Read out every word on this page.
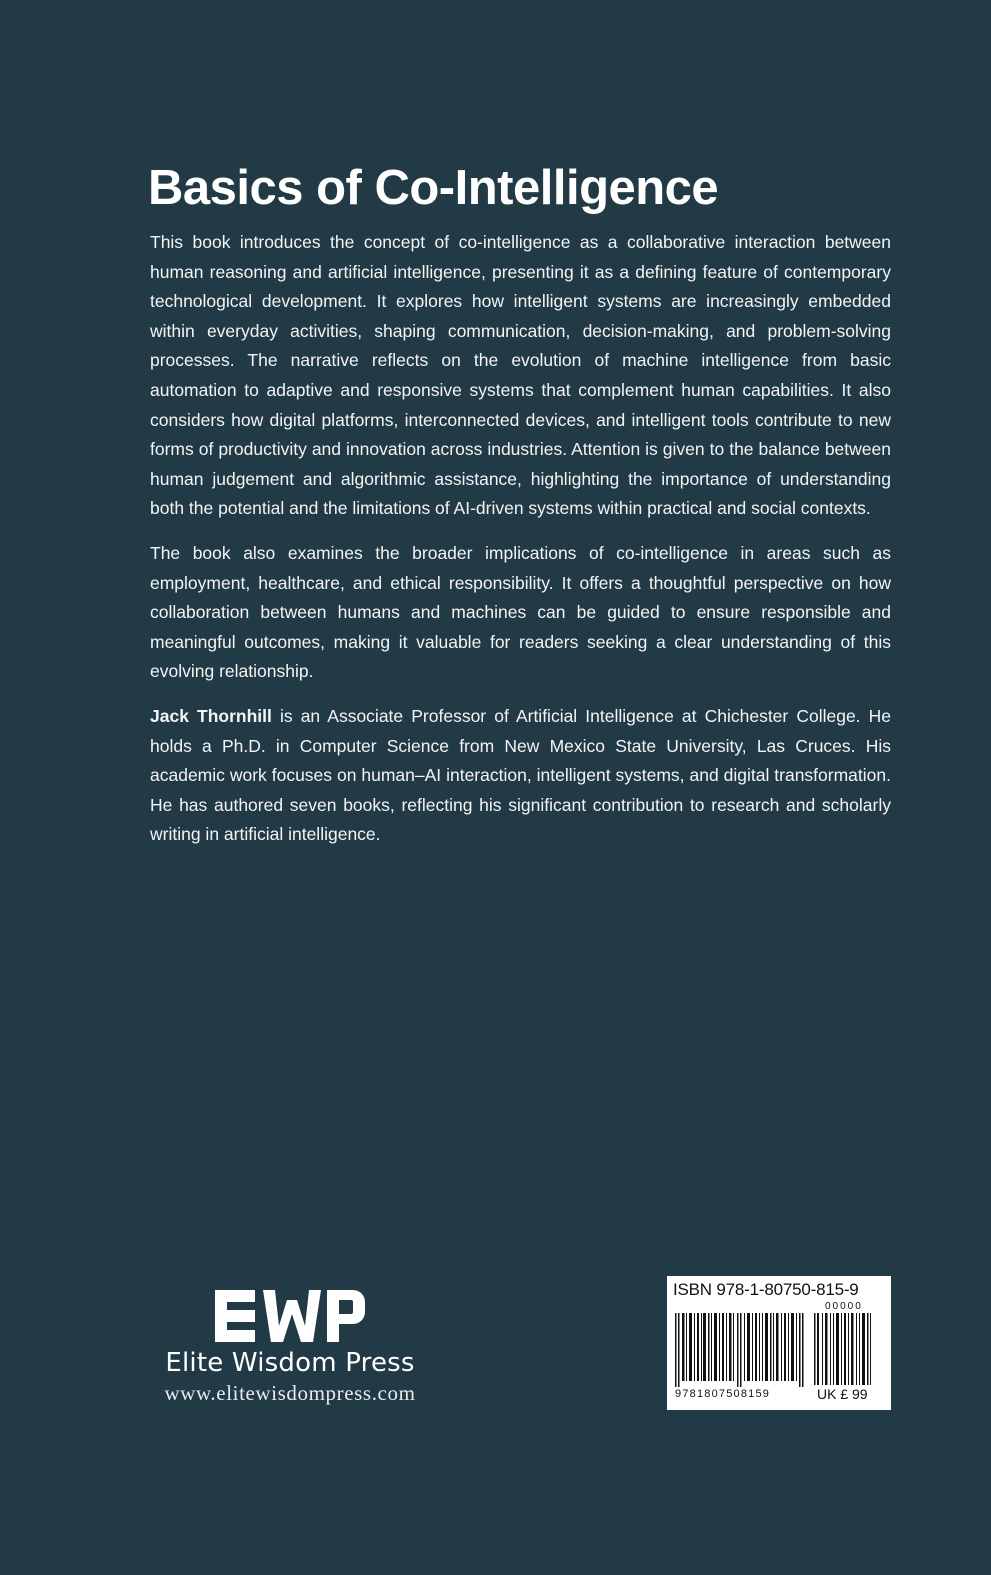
Basics of Co-Intelligence

This book introduces the concept of co-intelligence as a collaborative interaction between human reasoning and artificial intelligence, presenting it as a defining feature of contemporary technological development. It explores how intelligent systems are increasingly embedded within everyday activities, shaping communication, decision-making, and problem-solving processes. The narrative reflects on the evolution of machine intelligence from basic automation to adaptive and responsive systems that complement human capabilities. It also considers how digital platforms, interconnected devices, and intelligent tools contribute to new forms of productivity and innovation across industries. Attention is given to the balance between human judgement and algorithmic assistance, highlighting the importance of understanding both the potential and the limitations of AI-driven systems within practical and social contexts.

The book also examines the broader implications of co-intelligence in areas such as employment, healthcare, and ethical responsibility. It offers a thoughtful perspective on how collaboration between humans and machines can be guided to ensure responsible and meaningful outcomes, making it valuable for readers seeking a clear understanding of this evolving relationship.

Jack Thornhill is an Associate Professor of Artificial Intelligence at Chichester College. He holds a Ph.D. in Computer Science from New Mexico State University, Las Cruces. His academic work focuses on human–AI interaction, intelligent systems, and digital transformation. He has authored seven books, reflecting his significant contribution to research and scholarly writing in artificial intelligence.

Elite Wisdom Press
www.elitewisdompress.com
ISBN 978-1-80750-815-9
00000
9781807508159	UK £ 99
